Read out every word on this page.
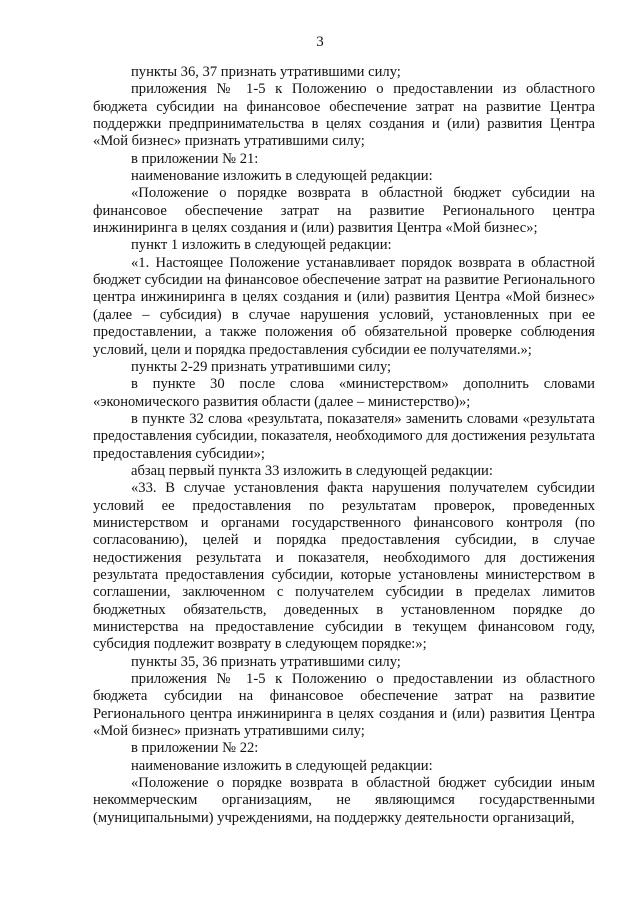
3

пункты 36, 37 признать утратившими силу;

приложения № 1-5 к Положению о предоставлении из областного бюджета субсидии на финансовое обеспечение затрат на развитие Центра поддержки предпринимательства в целях создания и (или) развития Центра «Мой бизнес» признать утратившими силу;

в приложении № 21:

наименование изложить в следующей редакции:

«Положение о порядке возврата в областной бюджет субсидии на финансовое обеспечение затрат на развитие Регионального центра инжиниринга в целях создания и (или) развития Центра «Мой бизнес»;

пункт 1 изложить в следующей редакции:

«1. Настоящее Положение устанавливает порядок возврата в областной бюджет субсидии на финансовое обеспечение затрат на развитие Регионального центра инжиниринга в целях создания и (или) развития Центра «Мой бизнес» (далее – субсидия) в случае нарушения условий, установленных при ее предоставлении, а также положения об обязательной проверке соблюдения условий, цели и порядка предоставления субсидии ее получателями.»;

пункты 2-29 признать утратившими силу;

в пункте 30 после слова «министерством» дополнить словами «экономического развития области (далее – министерство)»;

в пункте 32 слова «результата, показателя» заменить словами «результата предоставления субсидии, показателя, необходимого для достижения результата предоставления субсидии»;

абзац первый пункта 33 изложить в следующей редакции:

«33. В случае установления факта нарушения получателем субсидии условий ее предоставления по результатам проверок, проведенных министерством и органами государственного финансового контроля (по согласованию), целей и порядка предоставления субсидии, в случае недостижения результата и показателя, необходимого для достижения результата предоставления субсидии, которые установлены министерством в соглашении, заключенном с получателем субсидии в пределах лимитов бюджетных обязательств, доведенных в установленном порядке до министерства на предоставление субсидии в текущем финансовом году, субсидия подлежит возврату в следующем порядке:»;

пункты 35, 36 признать утратившими силу;

приложения № 1-5 к Положению о предоставлении из областного бюджета субсидии на финансовое обеспечение затрат на развитие Регионального центра инжиниринга в целях создания и (или) развития Центра «Мой бизнес» признать утратившими силу;

в приложении № 22:

наименование изложить в следующей редакции:

«Положение о порядке возврата в областной бюджет субсидии иным некоммерческим организациям, не являющимся государственными (муниципальными) учреждениями, на поддержку деятельности организаций,
